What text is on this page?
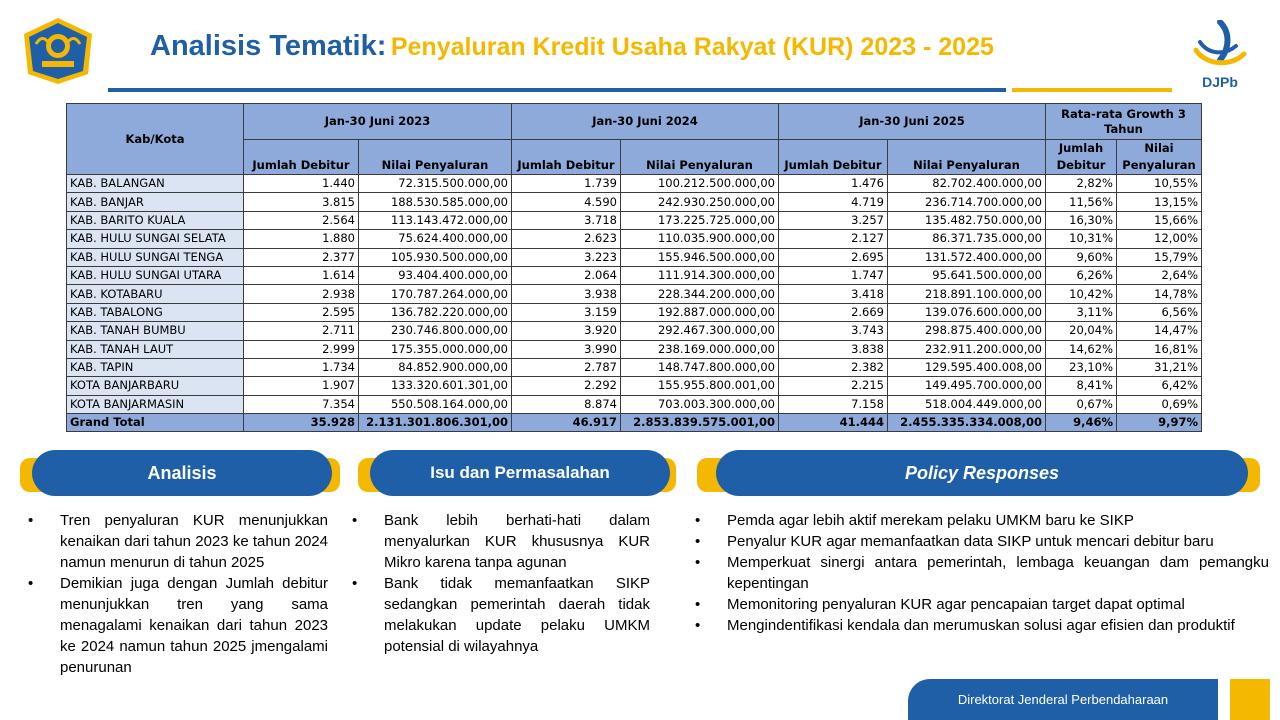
DJPb
Analisis Tematik: Penyaluran Kredit Usaha Rakyat (KUR) 2023 - 2025
Kab/Kota	Jan-30 Juni 2023		Jan-30 Juni 2024		Jan-30 Juni 2025		Rata-rata Growth 3 Tahun	
	Jumlah Debitur	Nilai Penyaluran	Jumlah Debitur	Nilai Penyaluran	Jumlah Debitur	Nilai Penyaluran	Jumlah Debitur	Nilai Penyaluran
KAB. BALANGAN	1.440	72.315.500.000,00	1.739	100.212.500.000,00	1.476	82.702.400.000,00	2,82%	10,55%
KAB. BANJAR	3.815	188.530.585.000,00	4.590	242.930.250.000,00	4.719	236.714.700.000,00	11,56%	13,15%
KAB. BARITO KUALA	2.564	113.143.472.000,00	3.718	173.225.725.000,00	3.257	135.482.750.000,00	16,30%	15,66%
KAB. HULU SUNGAI SELATA	1.880	75.624.400.000,00	2.623	110.035.900.000,00	2.127	86.371.735.000,00	10,31%	12,00%
KAB. HULU SUNGAI TENGA	2.377	105.930.500.000,00	3.223	155.946.500.000,00	2.695	131.572.400.000,00	9,60%	15,79%
KAB. HULU SUNGAI UTARA	1.614	93.404.400.000,00	2.064	111.914.300.000,00	1.747	95.641.500.000,00	6,26%	2,64%
KAB. KOTABARU	2.938	170.787.264.000,00	3.938	228.344.200.000,00	3.418	218.891.100.000,00	10,42%	14,78%
KAB. TABALONG	2.595	136.782.220.000,00	3.159	192.887.000.000,00	2.669	139.076.600.000,00	3,11%	6,56%
KAB. TANAH BUMBU	2.711	230.746.800.000,00	3.920	292.467.300.000,00	3.743	298.875.400.000,00	20,04%	14,47%
KAB. TANAH LAUT	2.999	175.355.000.000,00	3.990	238.169.000.000,00	3.838	232.911.200.000,00	14,62%	16,81%
KAB. TAPIN	1.734	84.852.900.000,00	2.787	148.747.800.000,00	2.382	129.595.400.008,00	23,10%	31,21%
KOTA BANJARBARU	1.907	133.320.601.301,00	2.292	155.955.800.001,00	2.215	149.495.700.000,00	8,41%	6,42%
KOTA BANJARMASIN	7.354	550.508.164.000,00	8.874	703.003.300.000,00	7.158	518.004.449.000,00	0,67%	0,69%
Grand Total	35.928	2.131.301.806.301,00	46.917	2.853.839.575.001,00	41.444	2.455.335.334.008,00	9,46%	9,97%
Analisis	Isu dan Permasalahan	Policy Responses
• Tren penyaluran KUR menunjukkan kenaikan dari tahun 2023 ke tahun 2024 namun menurun di tahun 2025
• Demikian juga dengan Jumlah debitur menunjukkan tren yang sama menagalami kenaikan dari tahun 2023 ke 2024 namun tahun 2025 jmengalami penurunan
• Bank lebih berhati-hati dalam menyalurkan KUR khususnya KUR Mikro karena tanpa agunan
• Bank tidak memanfaatkan SIKP sedangkan pemerintah daerah tidak melakukan update pelaku UMKM potensial di wilayahnya
• Pemda agar lebih aktif merekam pelaku UMKM baru ke SIKP
• Penyalur KUR agar memanfaatkan data SIKP untuk mencari debitur baru
• Memperkuat sinergi antara pemerintah, lembaga keuangan dam pemangku kepentingan
• Memonitoring penyaluran KUR agar pencapaian target dapat optimal
• Mengindentifikasi kendala dan merumuskan solusi agar efisien dan produktif
Direktorat Jenderal Perbendaharaan
